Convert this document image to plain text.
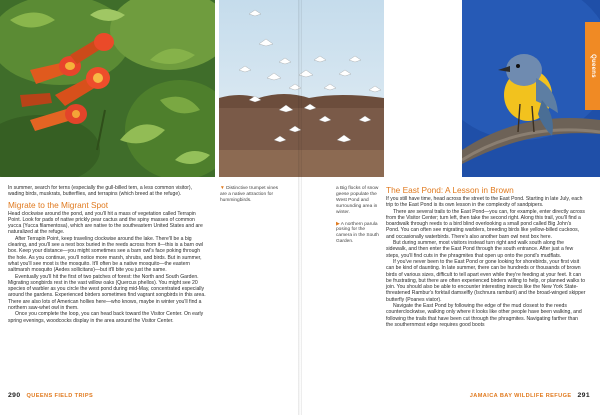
In summer, search for terns (especially the gull-billed tern, a less common visitor), wading birds, muskrats, butterflies, and terrapins (which breed at the refuge).

Migrate to the Migrant Spot

Head clockwise around the pond, and you'll hit a mass of vegetation called Terrapin Point. Look for pads of native prickly pear cactus and the spiny masses of common yucca (Yucca filamentosa), which are native to the southeastern United States and are naturalized at the refuge.

After Terrapin Point, keep traveling clockwise around the lake. There'll be a big clearing, and you'll see a nest box buried in the reeds across from it—this is a barn owl box. Keep your distance—you might sometimes see a barn owl's face poking through the hole. As you continue, you'll notice more marsh, shrubs, and birds. But in summer, what you'll see most is the mosquito. It'll often be a native mosquito—the eastern saltmarsh mosquito (Aedes sollicitans)—but it'll bite you just the same.

Eventually you'll hit the first of two patches of forest: the North and South Garden. Migrating songbirds rest in the vast willow oaks (Quercus phellos). You might see 20 species of warbler as you circle the west pond during mid-May, concentrated especially around the gardens. Experienced birders sometimes find vagrant songbirds in this area. There are also lots of American hollies here—who knows, maybe in winter you'll find a northern saw-whet owl in them.

Once you complete the loop, you can head back toward the Visitor Center. On early spring evenings, woodcocks display in the area around the Visitor Center.

▼ Distinctive trumpet vines are a native attraction for hummingbirds.
290 QUEENS FIELD TRIPS
a Big flocks of snow geese populate the West Pond and surrounding area in winter.
▶ A northern parula posing for the camera in the South Garden.
The East Pond: A Lesson in Brown

If you still have time, head across the street to the East Pond. Starting in late July, each trip to the East Pond is its own lesson in the complexity of sandpipers.

There are several trails to the East Pond—you can, for example, enter directly across from the Visitor Center; turn left, then take the second right. Along this trail, you'll find a boardwalk through reeds to a bird blind overlooking a small pond called Big John's Pond. You can often see migrating warblers, breeding birds like yellow-billed cuckoos, and occasionally waterbirds. There's also another barn owl nest box here.

But during summer, most visitors instead turn right and walk south along the sidewalk, and then enter the East Pond through the south entrance. After just a few steps, you'll find cuts in the phragmites that open up onto the pond's mudflats.

If you've never been to the East Pond or gone looking for shorebirds, your first visit can be kind of daunting. In late summer, there can be hundreds or thousands of brown birds of various sizes, difficult to tell apart even while they're feeding at your feet. It can be frustrating, but there are often experienced birders willing to help, or planned walks to join. You should also be able to encounter interesting insects like the New York State-threatened Rambur's forktail damselfly (Ischnura ramburii) and the broad-winged skipper butterfly (Poanes viator).

Navigate the East Pond by following the edge of the mud closest to the reeds counterclockwise, walking only where it looks like other people have been walking, and following the trails that have been cut through the phragmites. Navigating farther than the southernmost edge requires good boots

JAMAICA BAY WILDLIFE REFUGE 291
Queens
